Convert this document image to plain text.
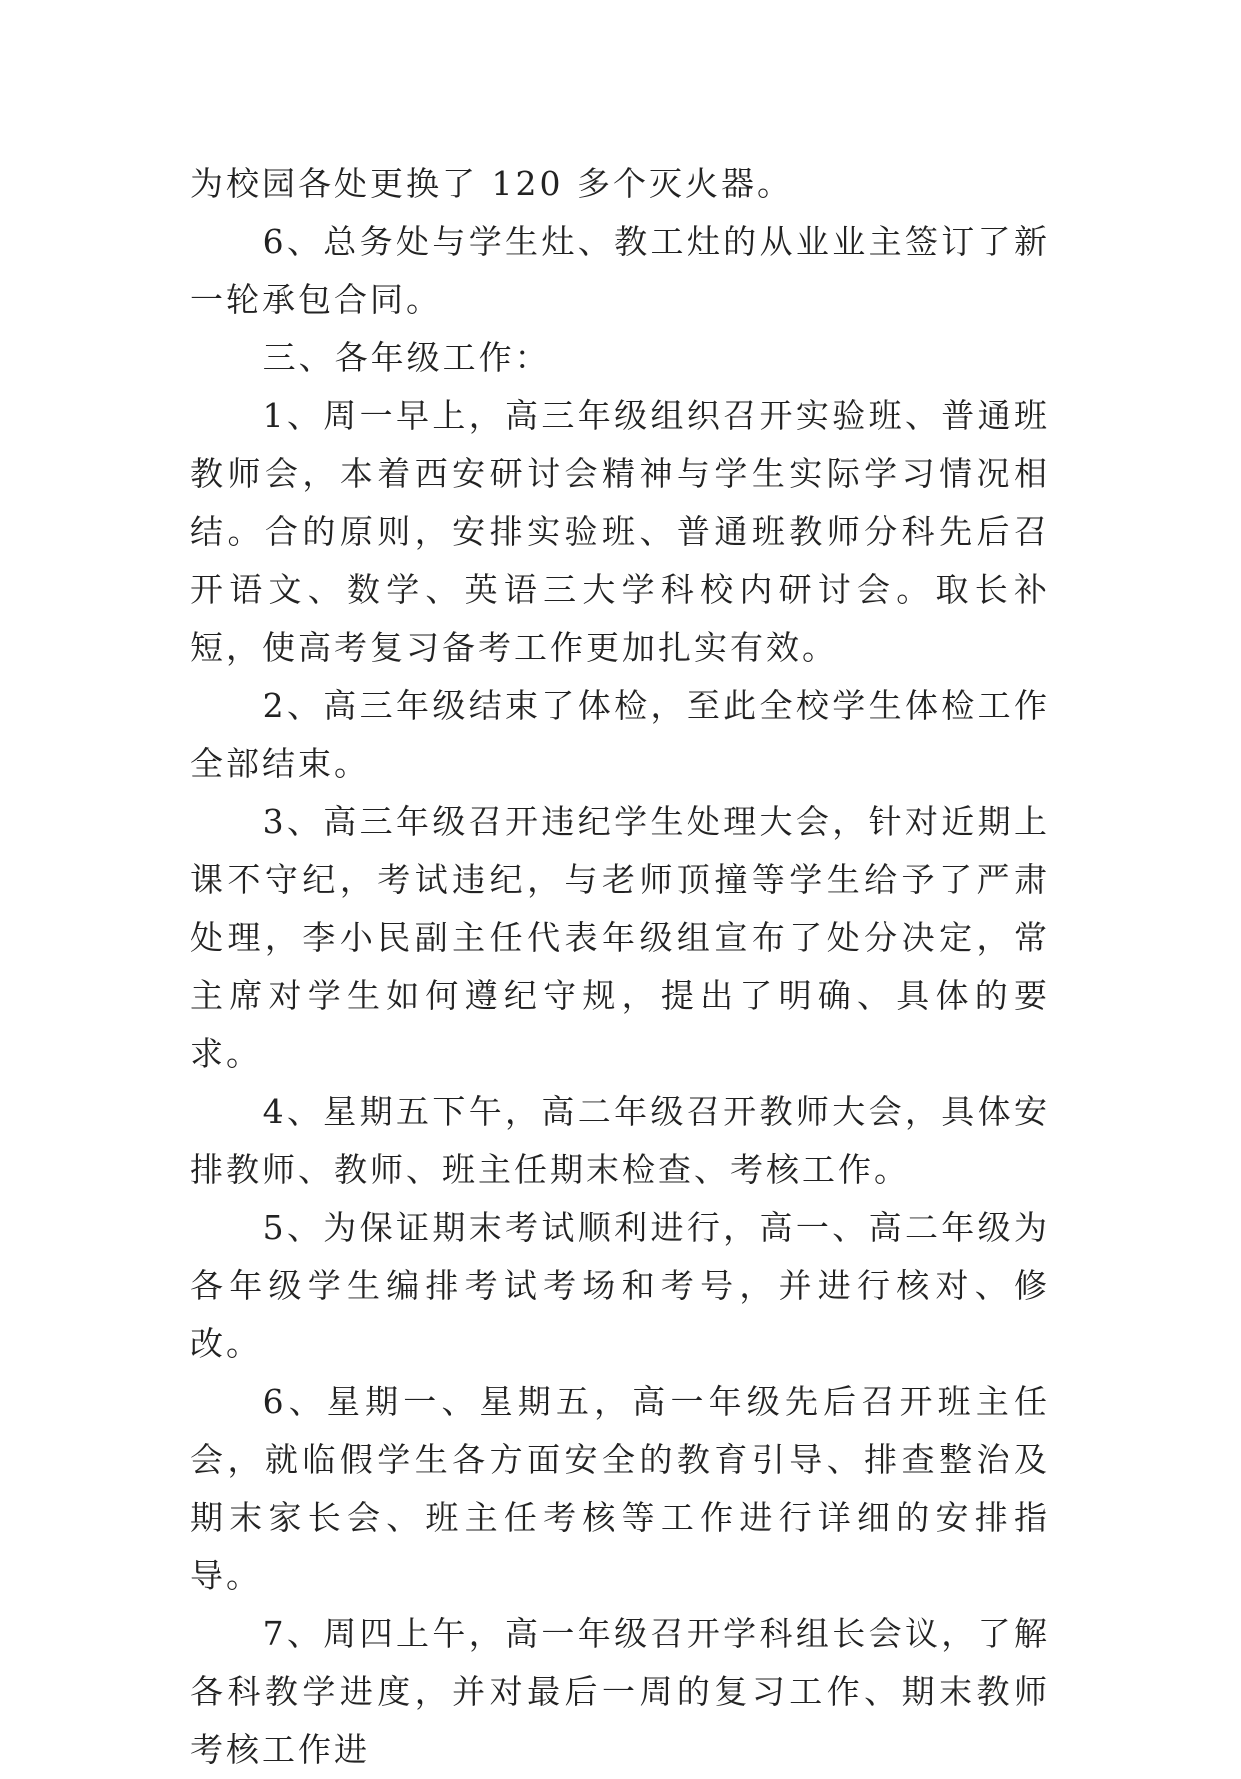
为校园各处更换了 120 多个灭火器。

6、总务处与学生灶、教工灶的从业业主签订了新一轮承包合同。

三、各年级工作：

1、周一早上，高三年级组织召开实验班、普通班教师会，本着西安研讨会精神与学生实际学习情况相结。合的原则，安排实验班、普通班教师分科先后召开语文、数学、英语三大学科校内研讨会。取长补短，使高考复习备考工作更加扎实有效。

2、高三年级结束了体检，至此全校学生体检工作全部结束。

3、高三年级召开违纪学生处理大会，针对近期上课不守纪，考试违纪，与老师顶撞等学生给予了严肃处理，李小民副主任代表年级组宣布了处分决定，常主席对学生如何遵纪守规，提出了明确、具体的要求。

4、星期五下午，高二年级召开教师大会，具体安排教师、教师、班主任期末检查、考核工作。

5、为保证期末考试顺利进行，高一、高二年级为各年级学生编排考试考场和考号，并进行核对、修改。

6、星期一、星期五，高一年级先后召开班主任会，就临假学生各方面安全的教育引导、排查整治及期末家长会、班主任考核等工作进行详细的安排指导。

7、周四上午，高一年级召开学科组长会议，了解各科教学进度，并对最后一周的复习工作、期末教师考核工作进
